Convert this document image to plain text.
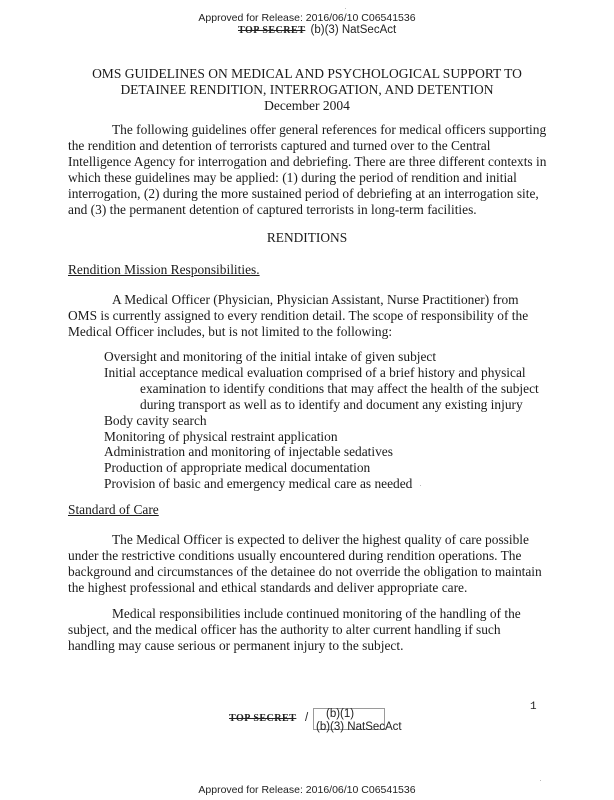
Approved for Release: 2016/06/10 C06541536
TOP SECRET (b)(3) NatSecAct
OMS GUIDELINES ON MEDICAL AND PSYCHOLOGICAL SUPPORT TO
DETAINEE RENDITION, INTERROGATION, AND DETENTION
December 2004

The following guidelines offer general references for medical officers supporting the rendition and detention of terrorists captured and turned over to the Central Intelligence Agency for interrogation and debriefing. There are three different contexts in which these guidelines may be applied: (1) during the period of rendition and initial interrogation, (2) during the more sustained period of debriefing at an interrogation site, and (3) the permanent detention of captured terrorists in long-term facilities.

RENDITIONS
Rendition Mission Responsibilities.

A Medical Officer (Physician, Physician Assistant, Nurse Practitioner) from OMS is currently assigned to every rendition detail. The scope of responsibility of the Medical Officer includes, but is not limited to the following:

Oversight and monitoring of the initial intake of given subject
Initial acceptance medical evaluation comprised of a brief history and physical examination to identify conditions that may affect the health of the subject during transport as well as to identify and document any existing injury
Body cavity search
Monitoring of physical restraint application
Administration and monitoring of injectable sedatives
Production of appropriate medical documentation
Provision of basic and emergency medical care as needed
Standard of Care

The Medical Officer is expected to deliver the highest quality of care possible under the restrictive conditions usually encountered during rendition operations. The background and circumstances of the detainee do not override the obligation to maintain the highest professional and ethical standards and deliver appropriate care.

Medical responsibilities include continued monitoring of the handling of the subject, and the medical officer has the authority to alter current handling if such handling may cause serious or permanent injury to the subject.

1
TOP SECRET / (b)(1)
(b)(3) NatSecAct
Approved for Release: 2016/06/10 C06541536
